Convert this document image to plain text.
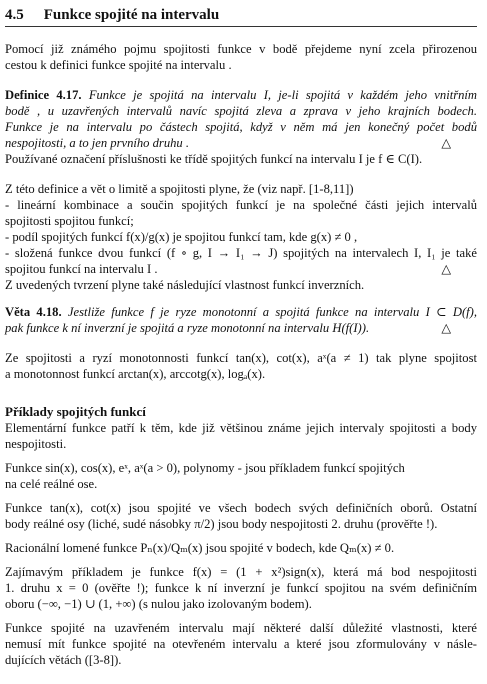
4.5 Funkce spojité na intervalu

Pomocí již známého pojmu spojitosti funkce v bodě přejdeme nyní zcela přirozenou
cestou k definici funkce spojité na intervalu .

Definice 4.17. Funkce je spojitá na intervalu I, je-li spojitá v každém jeho vnitřním
bodě , u uzavřených intervalů navíc spojitá zleva a zprava v jeho krajních bodech.
Funkce je na intervalu po částech spojitá, když v něm má jen konečný počet bodů
nespojitosti, a to jen prvního druhu .	△
Používané označení příslušnosti ke třídě spojitých funkcí na intervalu I je f ∈ C(I).

Z této definice a vět o limitě a spojitosti plyne, že (viz např. [1-8,11])
- lineární kombinace a součin spojitých funkcí je na společné části jejich intervalů
spojitosti spojitou funkcí;
- podíl spojitých funkcí f(x)/g(x) je spojitou funkcí tam, kde g(x) ≠ 0 ,
- složená funkce dvou funkcí (f ∘ g, I → I₁ → J) spojitých na intervalech I, I₁ je také
spojitou funkcí na intervalu I .	△
Z uvedených tvrzení plyne také následující vlastnost funkcí inverzních.

Věta 4.18. Jestliže funkce f je ryze monotonní a spojitá funkce na intervalu I ⊂ D(f),
pak funkce k ní inverzní je spojitá a ryze monotonní na intervalu H(f(I)).	△

Ze spojitosti a ryzí monotonnosti funkcí tan(x), cot(x), aˣ(a ≠ 1) tak plyne spojitost
a monotonnost funkcí arctan(x), arccotg(x), logₐ(x).

Příklady spojitých funkcí

Elementární funkce patří k těm, kde již většinou známe jejich intervaly spojitosti a body
nespojitosti.

Funkce sin(x), cos(x), eˣ, aˣ(a > 0), polynomy - jsou příkladem funkcí spojitých
na celé reálné ose.

Funkce tan(x), cot(x) jsou spojité ve všech bodech svých definičních oborů. Ostatní
body reálné osy (liché, sudé násobky π/2) jsou body nespojitosti 2. druhu (prověřte !).

Racionální lomené funkce Pₙ(x)/Qₘ(x) jsou spojité v bodech, kde Qₘ(x) ≠ 0.

Zajímavým příkladem je funkce f(x) = (1 + x²)sign(x), která má bod nespojitosti
1. druhu x = 0 (ověřte !); funkce k ní inverzní je funkcí spojitou na svém definičním
oboru (−∞, −1) ∪ (1, +∞) (s nulou jako izolovaným bodem).

Funkce spojité na uzavřeném intervalu mají některé další důležité vlastnosti, které
nemusí mít funkce spojité na otevřeném intervalu a které jsou zformulovány v násle-
dujících větách ([3-8]).
